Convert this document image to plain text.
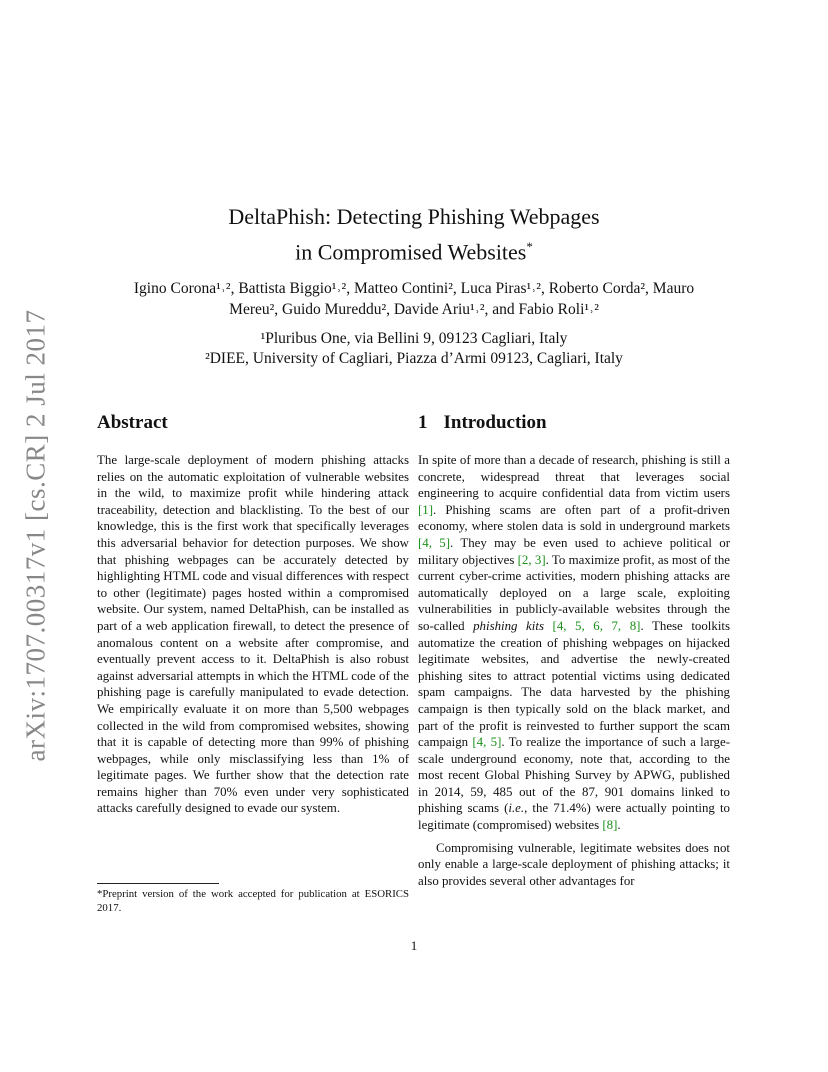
arXiv:1707.00317v1 [cs.CR] 2 Jul 2017
DeltaPhish: Detecting Phishing Webpages
in Compromised Websites*
Igino Corona¹˒², Battista Biggio¹˒², Matteo Contini², Luca Piras¹˒², Roberto Corda², Mauro
Mereu², Guido Mureddu², Davide Ariu¹˒², and Fabio Roli¹˒²
¹Pluribus One, via Bellini 9, 09123 Cagliari, Italy
²DIEE, University of Cagliari, Piazza d’Armi 09123, Cagliari, Italy
Abstract

The large-scale deployment of modern phishing attacks relies on the automatic exploitation of vulnerable websites in the wild, to maximize profit while hindering attack traceability, detection and blacklisting. To the best of our knowledge, this is the first work that specifically leverages this adversarial behavior for detection purposes. We show that phishing webpages can be accurately detected by highlighting HTML code and visual differences with respect to other (legitimate) pages hosted within a compromised website. Our system, named DeltaPhish, can be installed as part of a web application firewall, to detect the presence of anomalous content on a website after compromise, and eventually prevent access to it. DeltaPhish is also robust against adversarial attempts in which the HTML code of the phishing page is carefully manipulated to evade detection. We empirically evaluate it on more than 5,500 webpages collected in the wild from compromised websites, showing that it is capable of detecting more than 99% of phishing webpages, while only misclassifying less than 1% of legitimate pages. We further show that the detection rate remains higher than 70% even under very sophisticated attacks carefully designed to evade our system.

*Preprint version of the work accepted for publication at ESORICS 2017.
1 Introduction

In spite of more than a decade of research, phishing is still a concrete, widespread threat that leverages social engineering to acquire confidential data from victim users [1]. Phishing scams are often part of a profit-driven economy, where stolen data is sold in underground markets [4, 5]. They may be even used to achieve political or military objectives [2, 3]. To maximize profit, as most of the current cyber-crime activities, modern phishing attacks are automatically deployed on a large scale, exploiting vulnerabilities in publicly-available websites through the so-called phishing kits [4, 5, 6, 7, 8]. These toolkits automatize the creation of phishing webpages on hijacked legitimate websites, and advertise the newly-created phishing sites to attract potential victims using dedicated spam campaigns. The data harvested by the phishing campaign is then typically sold on the black market, and part of the profit is reinvested to further support the scam campaign [4, 5]. To realize the importance of such a large-scale underground economy, note that, according to the most recent Global Phishing Survey by APWG, published in 2014, 59, 485 out of the 87, 901 domains linked to phishing scams (i.e., the 71.4%) were actually pointing to legitimate (compromised) websites [8].

Compromising vulnerable, legitimate websites does not only enable a large-scale deployment of phishing attacks; it also provides several other advantages for

1
